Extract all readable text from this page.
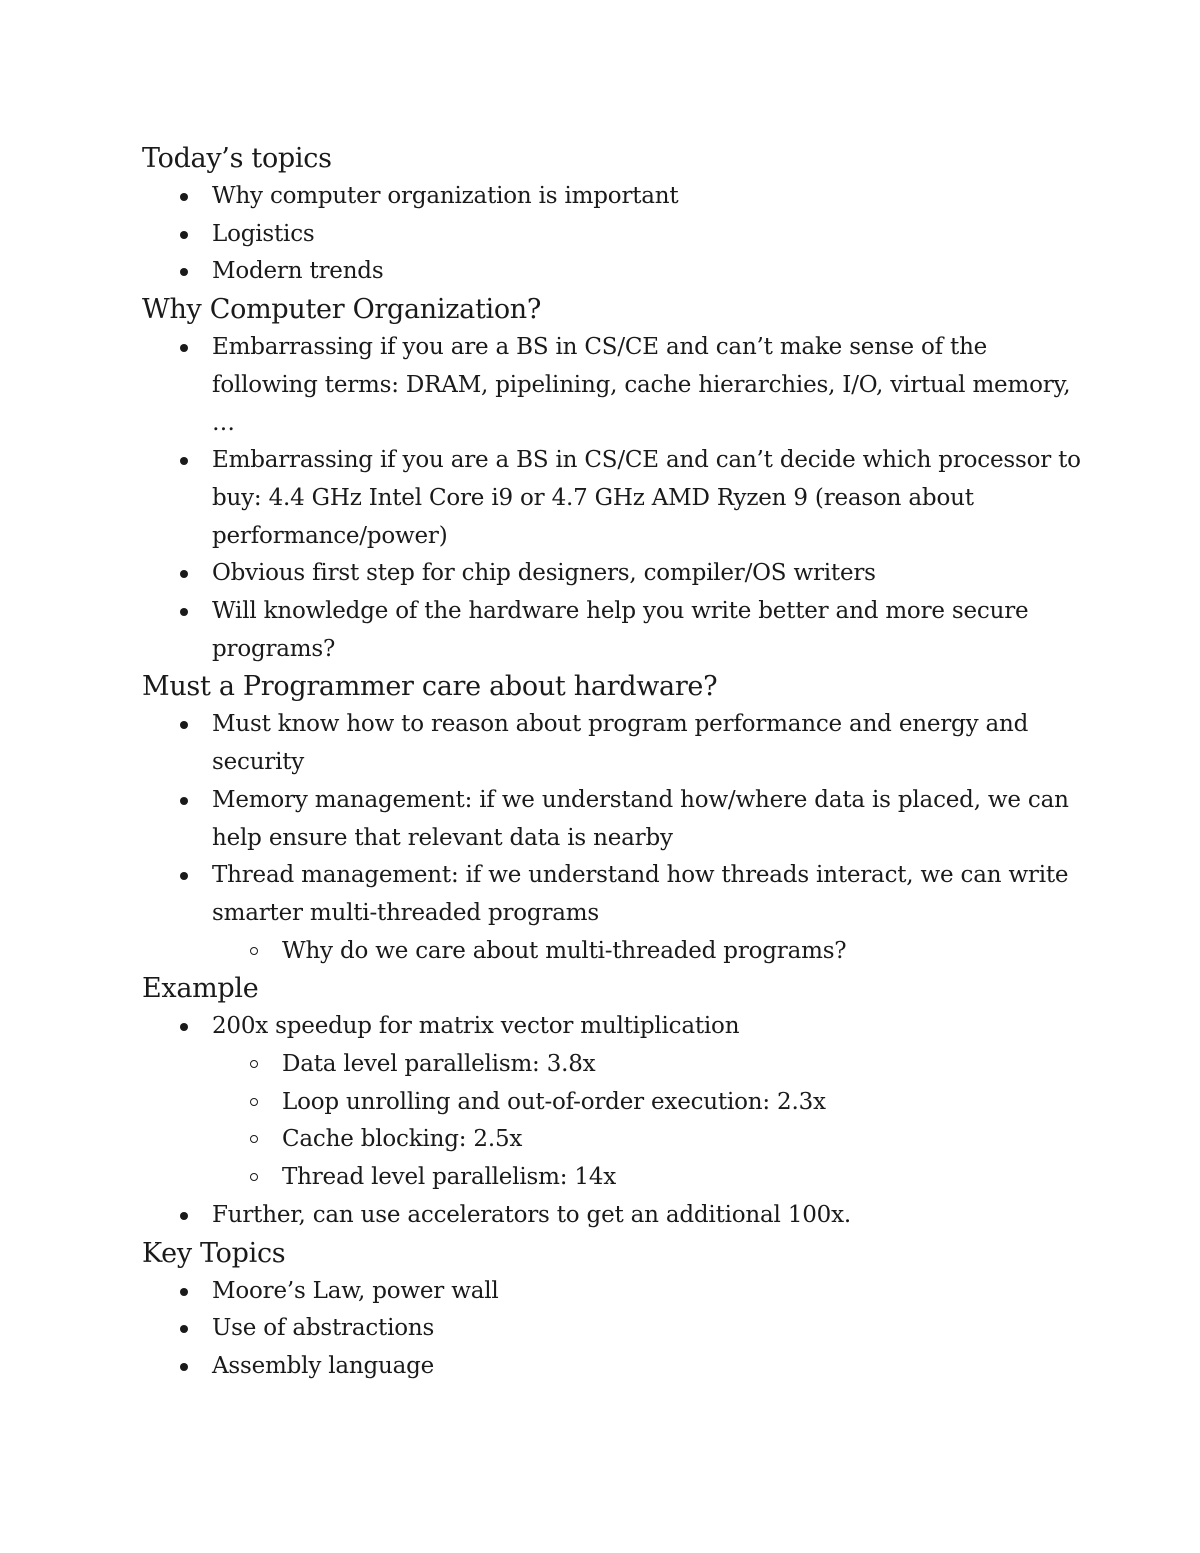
Today’s topics
Why computer organization is important
Logistics
Modern trends
Why Computer Organization?
Embarrassing if you are a BS in CS/CE and can’t make sense of the following terms: DRAM, pipelining, cache hierarchies, I/O, virtual memory, …
Embarrassing if you are a BS in CS/CE and can’t decide which processor to buy: 4.4 GHz Intel Core i9 or 4.7 GHz AMD Ryzen 9 (reason about performance/power)
Obvious first step for chip designers, compiler/OS writers
Will knowledge of the hardware help you write better and more secure programs?
Must a Programmer care about hardware?
Must know how to reason about program performance and energy and security
Memory management: if we understand how/where data is placed, we can help ensure that relevant data is nearby
Thread management: if we understand how threads interact, we can write smarter multi-threaded programs
Why do we care about multi-threaded programs?
Example
200x speedup for matrix vector multiplication
Data level parallelism: 3.8x
Loop unrolling and out-of-order execution: 2.3x
Cache blocking: 2.5x
Thread level parallelism: 14x
Further, can use accelerators to get an additional 100x.
Key Topics
Moore’s Law, power wall
Use of abstractions
Assembly language
